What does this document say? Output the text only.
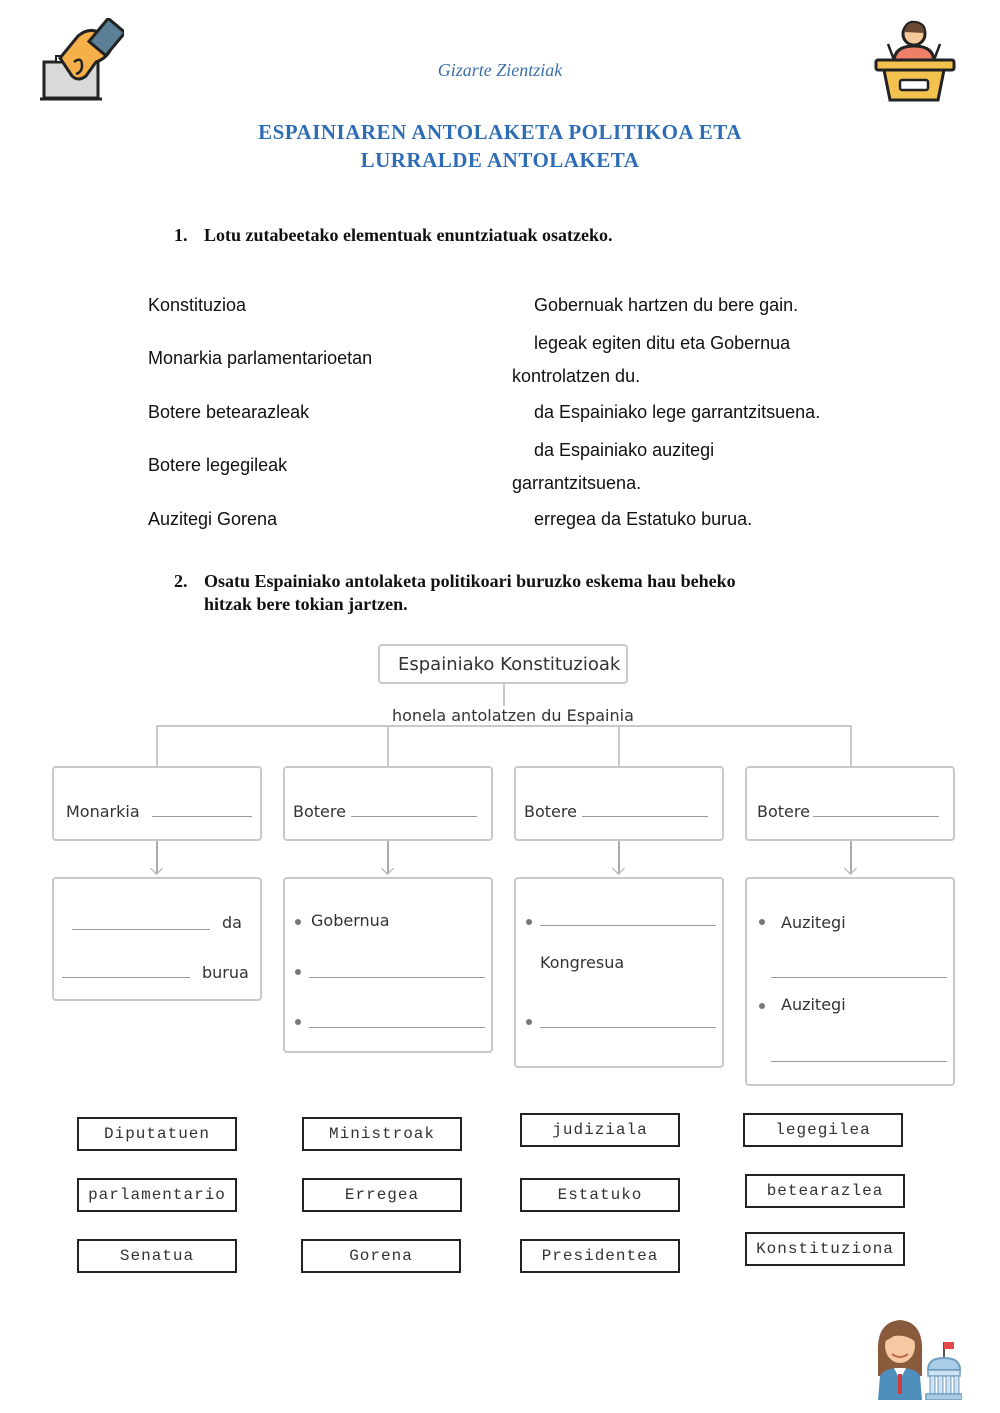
Gizarte Zientziak
ESPAINIAREN ANTOLAKETA POLITIKOA ETA
LURRALDE ANTOLAKETA
1. Lotu zutabeetako elementuak enuntziatuak osatzeko.
Konstituzioa
Monarkia parlamentarioetan
Botere betearazleak
Botere legegileak
Auzitegi Gorena
Gobernuak hartzen du bere gain.
legeak egiten ditu eta Gobernua
kontrolatzen du.
da Espainiako lege garrantzitsuena.
da Espainiako auzitegi
garrantzitsuena.
erregea da Estatuko burua.
2. Osatu Espainiako antolaketa politikoari buruzko eskema hau beheko
hitzak bere tokian jartzen.
Espainiako Konstituzioak
honela antolatzen du Espainia
Monarkia	Botere	Botere	Botere
da
burua
Gobernua
Kongresua
Auzitegi
Auzitegi
Diputatuen	Ministroak	judiziala	legegilea
parlamentario	Erregea	Estatuko	betearazlea
Senatua	Gorena	Presidentea	Konstituziona
